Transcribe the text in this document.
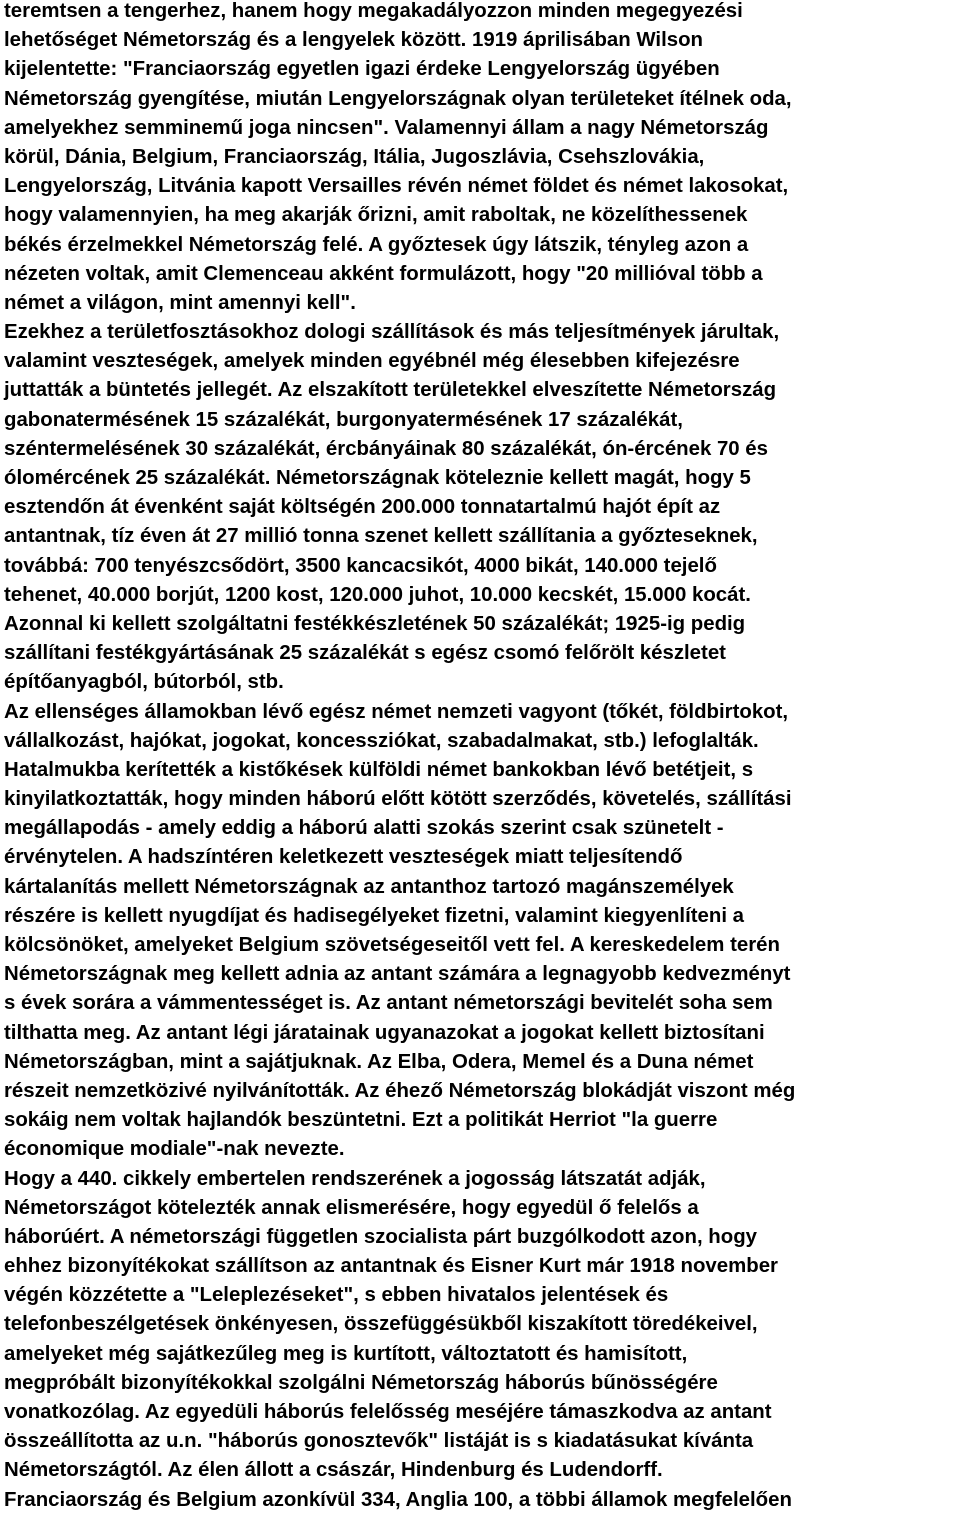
teremtsen a tengerhez, hanem hogy megakadályozzon minden megegyezési
lehetőséget Németország és a lengyelek között. 1919 áprilisában Wilson
kijelentette: "Franciaország egyetlen igazi érdeke Lengyelország ügyében
Németország gyengítése, miután Lengyelországnak olyan területeket ítélnek oda,
amelyekhez semminemű joga nincsen". Valamennyi állam a nagy Németország
körül, Dánia, Belgium, Franciaország, Itália, Jugoszlávia, Csehszlovákia,
Lengyelország, Litvánia kapott Versailles révén német földet és német lakosokat,
hogy valamennyien, ha meg akarják őrizni, amit raboltak, ne közelíthessenek
békés érzelmekkel Németország felé. A győztesek úgy látszik, tényleg azon a
nézeten voltak, amit Clemenceau akként formulázott, hogy "20 millióval több a
német a világon, mint amennyi kell".
Ezekhez a területfosztásokhoz dologi szállítások és más teljesítmények járultak,
valamint veszteségek, amelyek minden egyébnél még élesebben kifejezésre
juttatták a büntetés jellegét. Az elszakított területekkel elveszítette Németország
gabonatermésének 15 százalékát, burgonyatermésének 17 százalékát,
széntermelésének 30 százalékát, ércbányáinak 80 százalékát, ón-ércének 70 és
ólomércének 25 százalékát. Németországnak köteleznie kellett magát, hogy 5
esztendőn át évenként saját költségén 200.000 tonnatartalmú hajót épít az
antantnak, tíz éven át 27 millió tonna szenet kellett szállítania a győzteseknek,
továbbá: 700 tenyészcsődört, 3500 kancacsikót, 4000 bikát, 140.000 tejelő
tehenet, 40.000 borjút, 1200 kost, 120.000 juhot, 10.000 kecskét, 15.000 kocát.
Azonnal ki kellett szolgáltatni festékkészletének 50 százalékát; 1925-ig pedig
szállítani festékgyártásának 25 százalékát s egész csomó felőrölt készletet
építőanyagból, bútorból, stb.
Az ellenséges államokban lévő egész német nemzeti vagyont (tőkét, földbirtokot,
vállalkozást, hajókat, jogokat, koncessziókat, szabadalmakat, stb.) lefoglalták.
Hatalmukba kerítették a kistőkések külföldi német bankokban lévő betétjeit, s
kinyilatkoztatták, hogy minden háború előtt kötött szerződés, követelés, szállítási
megállapodás - amely eddig a háború alatti szokás szerint csak szünetelt -
érvénytelen. A hadszíntéren keletkezett veszteségek miatt teljesítendő
kártalanítás mellett Németországnak az antanthoz tartozó magánszemélyek
részére is kellett nyugdíjat és hadisegélyeket fizetni, valamint kiegyenlíteni a
kölcsönöket, amelyeket Belgium szövetségeseitől vett fel. A kereskedelem terén
Németországnak meg kellett adnia az antant számára a legnagyobb kedvezményt
s évek sorára a vámmentességet is. Az antant németországi bevitelét soha sem
tilthatta meg. Az antant légi járatainak ugyanazokat a jogokat kellett biztosítani
Németországban, mint a sajátjuknak. Az Elba, Odera, Memel és a Duna német
részeit nemzetközivé nyilvánították. Az éhező Németország blokádját viszont még
sokáig nem voltak hajlandók beszüntetni. Ezt a politikát Herriot "la guerre
économique modiale"-nak nevezte.
Hogy a 440. cikkely embertelen rendszerének a jogosság látszatát adják,
Németországot kötelezték annak elismerésére, hogy egyedül ő felelős a
háborúért. A németországi független szocialista párt buzgólkodott azon, hogy
ehhez bizonyítékokat szállítson az antantnak és Eisner Kurt már 1918 november
végén közzétette a "Leleplezéseket", s ebben hivatalos jelentések és
telefonbeszélgetések önkényesen, összefüggésükből kiszakított töredékeivel,
amelyeket még sajátkezűleg meg is kurtított, változtatott és hamisított,
megpróbált bizonyítékokkal szolgálni Németország háborús bűnösségére
vonatkozólag. Az egyedüli háborús felelősség meséjére támaszkodva az antant
összeállította az u.n. "háborús gonosztevők" listáját is s kiadatásukat kívánta
Németországtól. Az élen állott a császár, Hindenburg és Ludendorff.
Franciaország és Belgium azonkívül 334, Anglia 100, a többi államok megfelelően
